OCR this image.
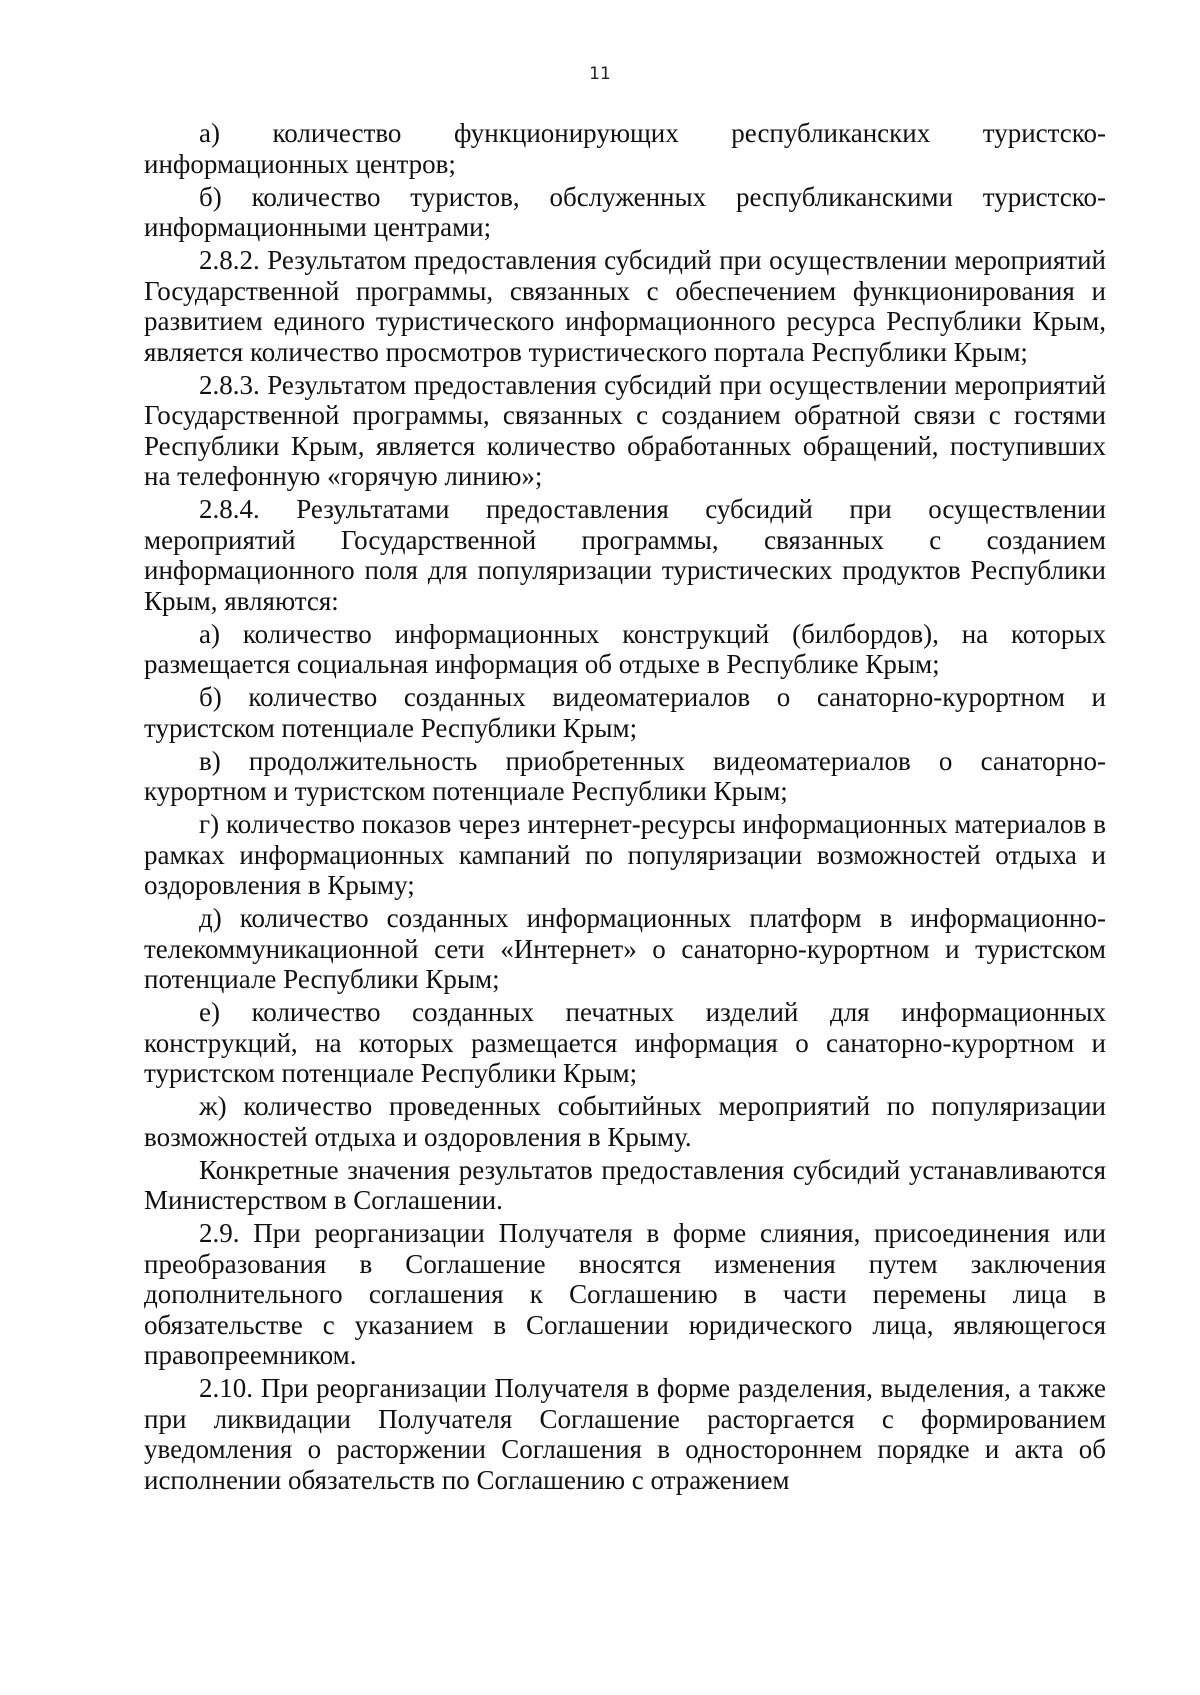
11

а) количество функционирующих республиканских туристско-информационных центров;

б) количество туристов, обслуженных республиканскими туристско-информационными центрами;

2.8.2. Результатом предоставления субсидий при осуществлении мероприятий Государственной программы, связанных с обеспечением функционирования и развитием единого туристического информационного ресурса Республики Крым, является количество просмотров туристического портала Республики Крым;

2.8.3. Результатом предоставления субсидий при осуществлении мероприятий Государственной программы, связанных с созданием обратной связи с гостями Республики Крым, является количество обработанных обращений, поступивших на телефонную «горячую линию»;

2.8.4. Результатами предоставления субсидий при осуществлении мероприятий Государственной программы, связанных с созданием информационного поля для популяризации туристических продуктов Республики Крым, являются:

а) количество информационных конструкций (билбордов), на которых размещается социальная информация об отдыхе в Республике Крым;

б) количество созданных видеоматериалов о санаторно-курортном и туристском потенциале Республики Крым;

в) продолжительность приобретенных видеоматериалов о санаторно-курортном и туристском потенциале Республики Крым;

г) количество показов через интернет-ресурсы информационных материалов в рамках информационных кампаний по популяризации возможностей отдыха и оздоровления в Крыму;

д) количество созданных информационных платформ в информационно-телекоммуникационной сети «Интернет» о санаторно-курортном и туристском потенциале Республики Крым;

е) количество созданных печатных изделий для информационных конструкций, на которых размещается информация о санаторно-курортном и туристском потенциале Республики Крым;

ж) количество проведенных событийных мероприятий по популяризации возможностей отдыха и оздоровления в Крыму.

Конкретные значения результатов предоставления субсидий устанавливаются Министерством в Соглашении.

2.9. При реорганизации Получателя в форме слияния, присоединения или преобразования в Соглашение вносятся изменения путем заключения дополнительного соглашения к Соглашению в части перемены лица в обязательстве с указанием в Соглашении юридического лица, являющегося правопреемником.

2.10. При реорганизации Получателя в форме разделения, выделения, а также при ликвидации Получателя Соглашение расторгается с формированием уведомления о расторжении Соглашения в одностороннем порядке и акта об исполнении обязательств по Соглашению с отражением
